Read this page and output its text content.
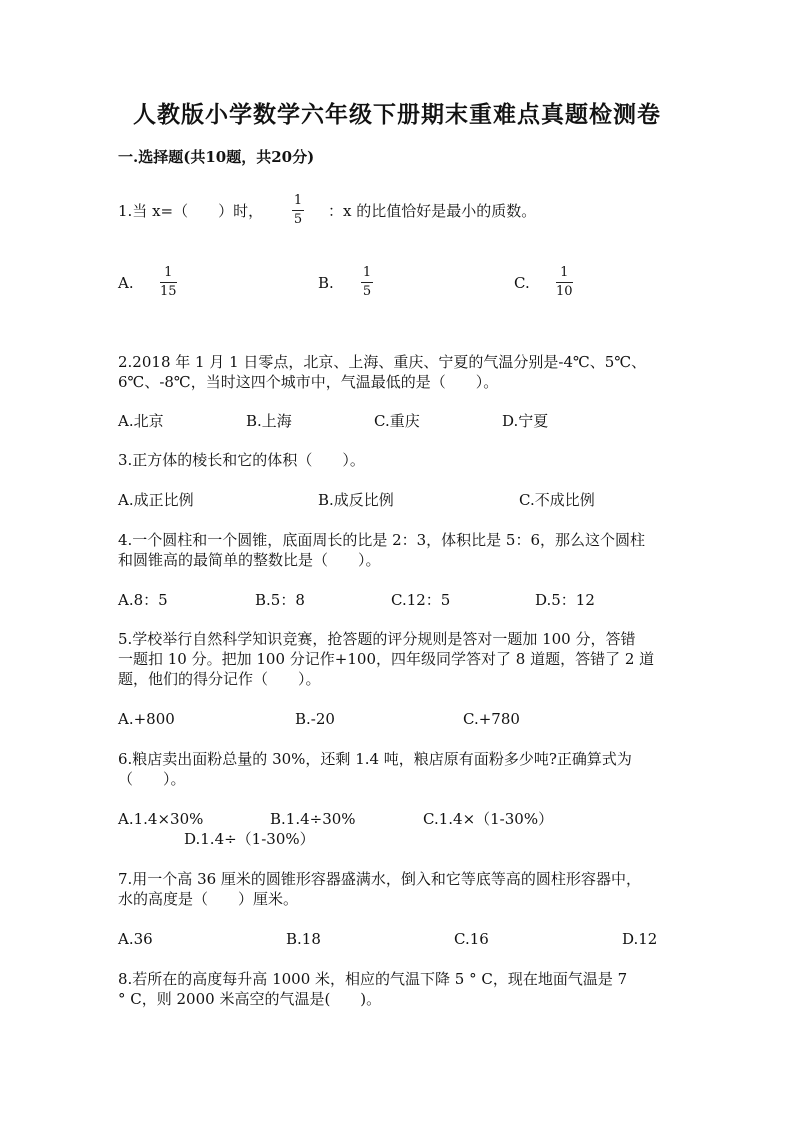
人教版小学数学六年级下册期末重难点真题检测卷
一.选择题(共10题，共20分)
1.当 x=（　　）时，
1
5 ：x 的比值恰好是最小的质数。
A.
1
15	B.
1
5	C.
1
10
2.2018 年 1 月 1 日零点，北京、上海、重庆、宁夏的气温分别是-4℃、5℃、
6℃、-8℃，当时这四个城市中，气温最低的是（　　）。
A.北京	B.上海	C.重庆	D.宁夏
3.正方体的棱长和它的体积（　　）。
A.成正比例	B.成反比例	C.不成比例
4.一个圆柱和一个圆锥，底面周长的比是 2：3，体积比是 5：6，那么这个圆柱
和圆锥高的最简单的整数比是（　　）。
A.8：5	B.5：8	C.12：5	D.5：12
5.学校举行自然科学知识竞赛，抢答题的评分规则是答对一题加 100 分，答错
一题扣 10 分。把加 100 分记作+100，四年级同学答对了 8 道题，答错了 2 道
题，他们的得分记作（　　）。
A.+800	B.-20	C.+780
6.粮店卖出面粉总量的 30%，还剩 1.4 吨，粮店原有面粉多少吨?正确算式为
（　　）。
A.1.4×30%	B.1.4÷30%	C.1.4×（1-30%）
D.1.4÷（1-30%）
7.用一个高 36 厘米的圆锥形容器盛满水，倒入和它等底等高的圆柱形容器中，
水的高度是（　　）厘米。
A.36	B.18	C.16	D.12
8.若所在的高度每升高 1000 米，相应的气温下降 5 ° C，现在地面气温是 7
° C，则 2000 米高空的气温是(　　)。
